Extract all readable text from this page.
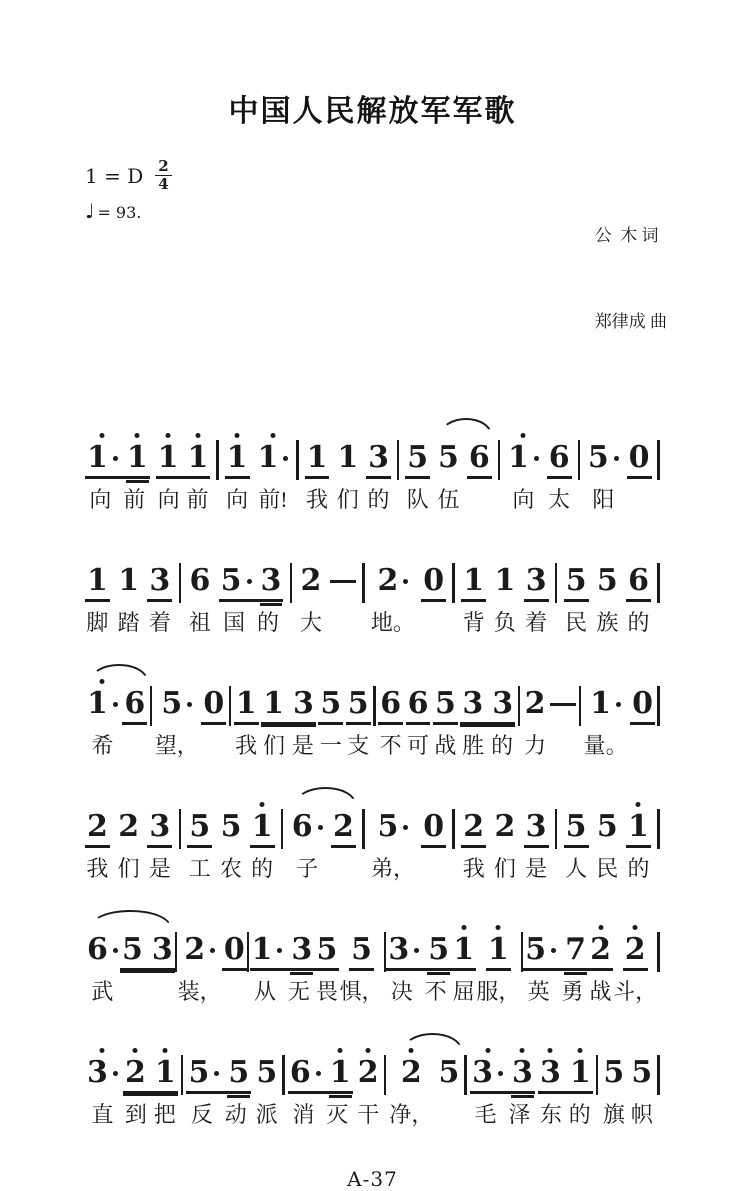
中国人民解放军军歌
1 = D $\frac{2}{4}$
♩ = 93.

公  木 词

郑律成 曲

1 1
向 前
1 1
向 前
1
向
1
前!
1
我
1
们
3
的
5
队
5
伍
6 1
向
6
太
5
阳
0
1
脚
1
踏
3
着
6
祖
5 3
国 的
2
大
2
地。
0 1
背
1
负
3
着
5
民
5
族
6
的
1
希
6 5
望，
0 1
我
1 3
们 是
5
一
5
支
6
不
6
可
5
战
3 3
胜 的
2
力
1
量。
0
2
我
2
们
3
是
5
工
5
农
1
的
6
子
2 5
弟，
0 2
我
2
们
3
是
5
人
5
民
1
的
6
武
5 3 2
装，
0 1 3
从 无
5
畏
5
惧，
3 5
决 不
1
屈
1
服，
5 7
英 勇
2
战
2
斗，
3
直
2 1
到 把
5 5
反 动
5
派
6 1
消 灭
2
干
2
净，
5 3 3
毛 泽
3 1
东 的
5
旗
5
帜
A-37
